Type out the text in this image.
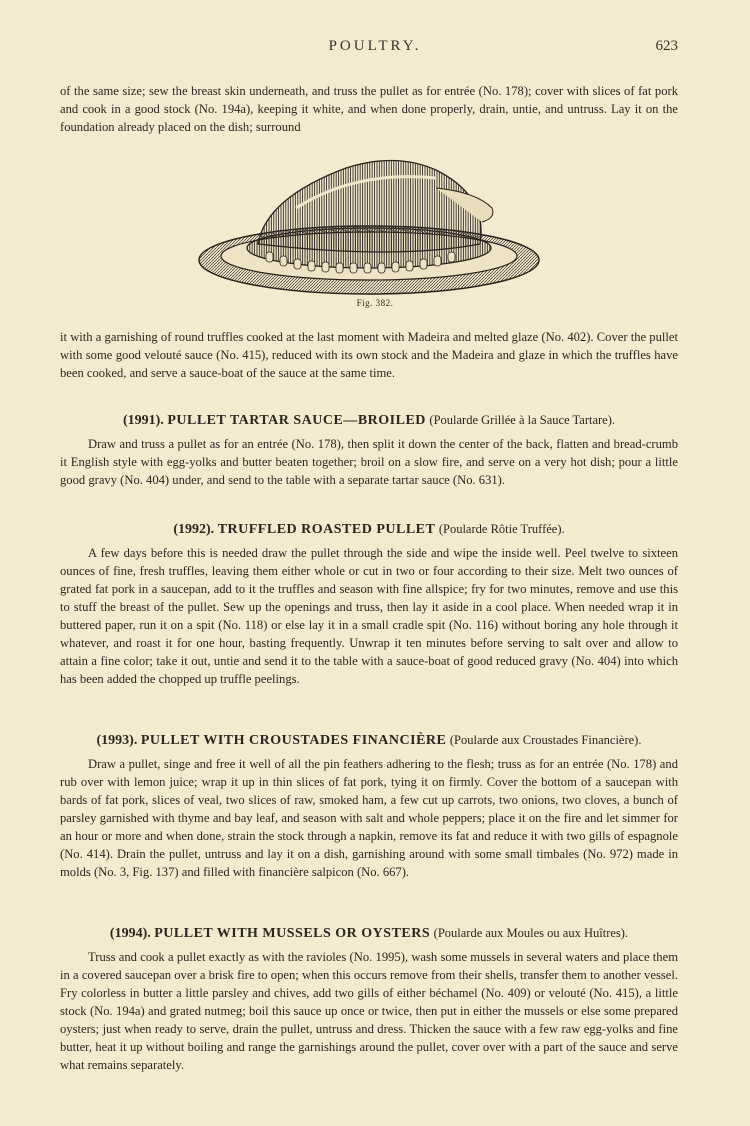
POULTRY.	623

of the same size; sew the breast skin underneath, and truss the pullet as for entrée (No. 178); cover with slices of fat pork and cook in a good stock (No. 194a), keeping it white, and when done properly, drain, untie, and untruss. Lay it on the foundation already placed on the dish; surround

Fig. 382.

it with a garnishing of round truffles cooked at the last moment with Madeira and melted glaze (No. 402). Cover the pullet with some good velouté sauce (No. 415), reduced with its own stock and the Madeira and glaze in which the truffles have been cooked, and serve a sauce-boat of the sauce at the same time.

(1991). PULLET TARTAR SAUCE—BROILED (Poularde Grillée à la Sauce Tartare).

Draw and truss a pullet as for an entrée (No. 178), then split it down the center of the back, flatten and bread-crumb it English style with egg-yolks and butter beaten together; broil on a slow fire, and serve on a very hot dish; pour a little good gravy (No. 404) under, and send to the table with a separate tartar sauce (No. 631).

(1992). TRUFFLED ROASTED PULLET (Poularde Rôtie Truffée).

A few days before this is needed draw the pullet through the side and wipe the inside well. Peel twelve to sixteen ounces of fine, fresh truffles, leaving them either whole or cut in two or four according to their size. Melt two ounces of grated fat pork in a saucepan, add to it the truffles and season with fine allspice; fry for two minutes, remove and use this to stuff the breast of the pullet. Sew up the openings and truss, then lay it aside in a cool place. When needed wrap it in buttered paper, run it on a spit (No. 118) or else lay it in a small cradle spit (No. 116) without boring any hole through it whatever, and roast it for one hour, basting frequently. Unwrap it ten minutes before serving to salt over and allow to attain a fine color; take it out, untie and send it to the table with a sauce-boat of good reduced gravy (No. 404) into which has been added the chopped up truffle peelings.

(1993). PULLET WITH CROUSTADES FINANCIÈRE (Poularde aux Croustades Financière).

Draw a pullet, singe and free it well of all the pin feathers adhering to the flesh; truss as for an entrée (No. 178) and rub over with lemon juice; wrap it up in thin slices of fat pork, tying it on firmly. Cover the bottom of a saucepan with bards of fat pork, slices of veal, two slices of raw, smoked ham, a few cut up carrots, two onions, two cloves, a bunch of parsley garnished with thyme and bay leaf, and season with salt and whole peppers; place it on the fire and let simmer for an hour or more and when done, strain the stock through a napkin, remove its fat and reduce it with two gills of espagnole (No. 414). Drain the pullet, untruss and lay it on a dish, garnishing around with some small timbales (No. 972) made in molds (No. 3, Fig. 137) and filled with financière salpicon (No. 667).

(1994). PULLET WITH MUSSELS OR OYSTERS (Poularde aux Moules ou aux Huîtres).

Truss and cook a pullet exactly as with the ravioles (No. 1995), wash some mussels in several waters and place them in a covered saucepan over a brisk fire to open; when this occurs remove from their shells, transfer them to another vessel. Fry colorless in butter a little parsley and chives, add two gills of either béchamel (No. 409) or velouté (No. 415), a little stock (No. 194a) and grated nutmeg; boil this sauce up once or twice, then put in either the mussels or else some prepared oysters; just when ready to serve, drain the pullet, untruss and dress. Thicken the sauce with a few raw egg-yolks and fine butter, heat it up without boiling and range the garnishings around the pullet, cover over with a part of the sauce and serve what remains separately.
